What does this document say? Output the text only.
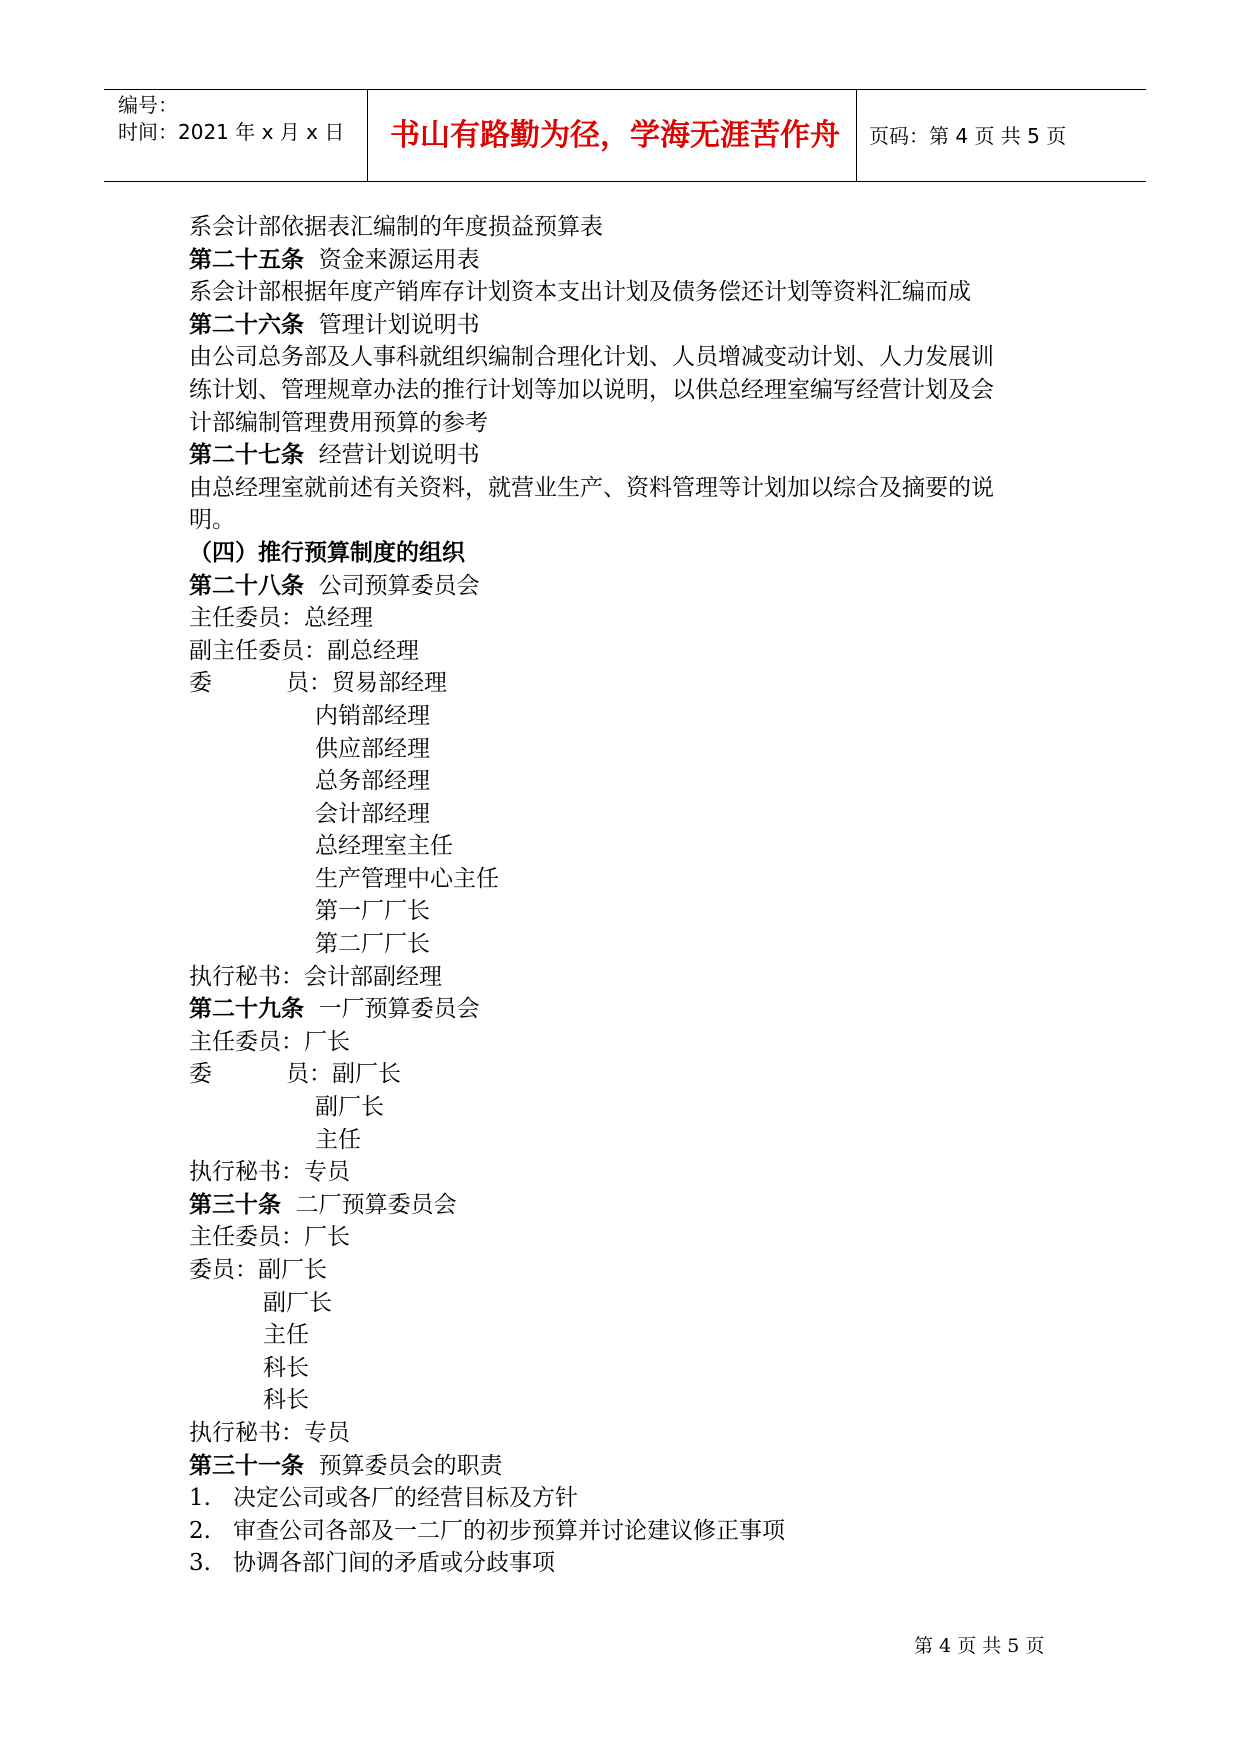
编号：
时间：2021 年 x 月 x 日 书山有路勤为径，学海无涯苦作舟 页码：第 4 页 共 5 页
系会计部依据表汇编制的年度损益预算表
第二十五条 资金来源运用表
系会计部根据年度产销库存计划资本支出计划及债务偿还计划等资料汇编而成
第二十六条 管理计划说明书
由公司总务部及人事科就组织编制合理化计划、人员增减变动计划、人力发展训
练计划、管理规章办法的推行计划等加以说明，以供总经理室编写经营计划及会
计部编制管理费用预算的参考
第二十七条 经营计划说明书
由总经理室就前述有关资料，就营业生产、资料管理等计划加以综合及摘要的说
明。
（四）推行预算制度的组织
第二十八条 公司预算委员会
主任委员：总经理
副主任委员：副总经理
委	员：贸易部经理
内销部经理
供应部经理
总务部经理
会计部经理
总经理室主任
生产管理中心主任
第一厂厂长
第二厂厂长
执行秘书：会计部副经理
第二十九条 一厂预算委员会
主任委员：厂长
委	员：副厂长
副厂长
主任
执行秘书：专员
第三十条 二厂预算委员会
主任委员：厂长
委员：副厂长
副厂长
主任
科长
科长
执行秘书：专员
第三十一条 预算委员会的职责
1. 决定公司或各厂的经营目标及方针
2. 审查公司各部及一二厂的初步预算并讨论建议修正事项
3. 协调各部门间的矛盾或分歧事项
第 4 页 共 5 页
